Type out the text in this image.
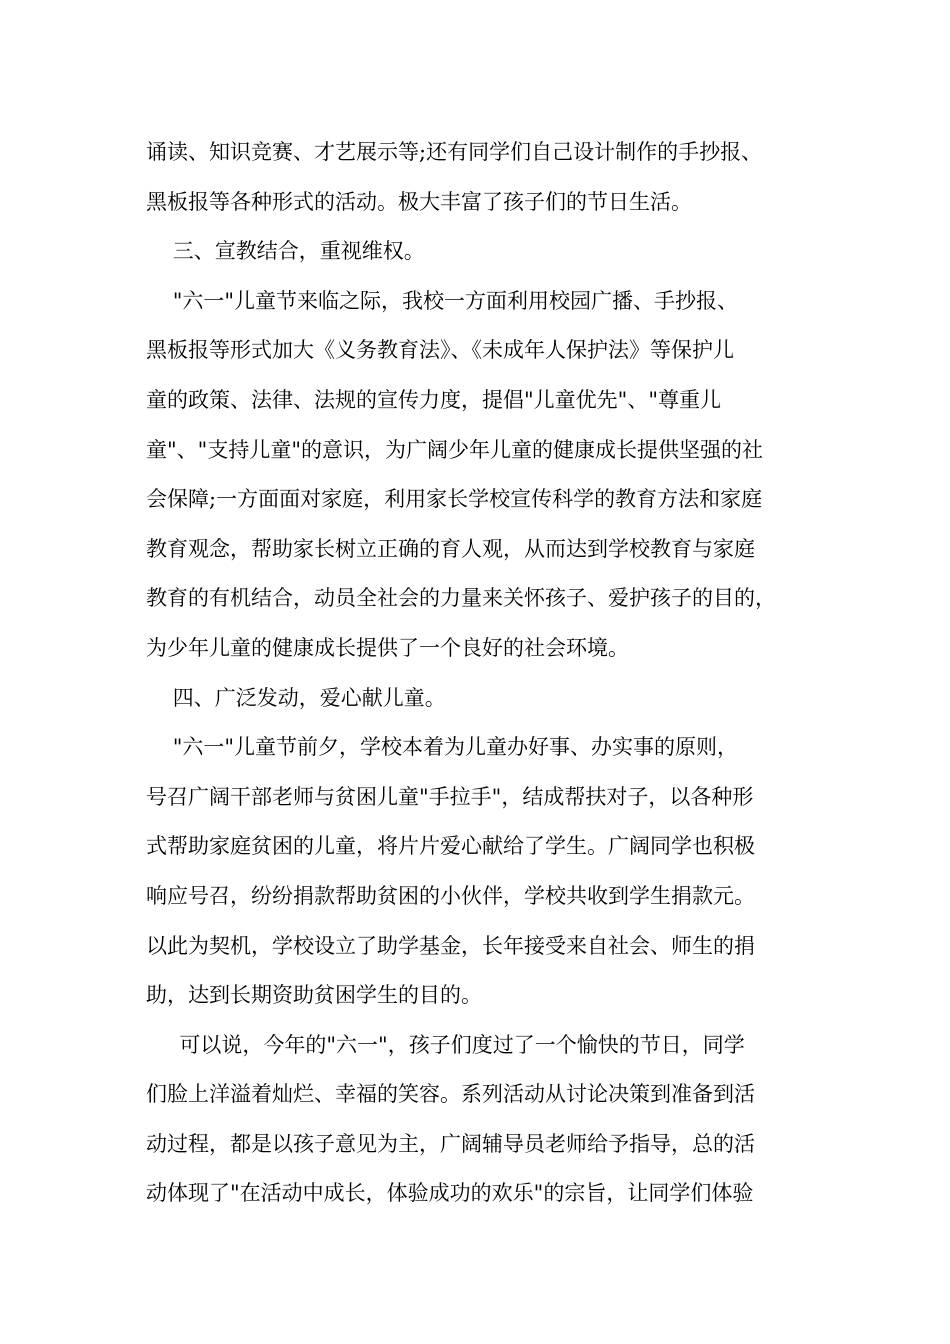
诵读、知识竞赛、才艺展示等;还有同学们自己设计制作的手抄报、
黑板报等各种形式的活动。极大丰富了孩子们的节日生活。
三、宣教结合，重视维权。
"六一"儿童节来临之际，我校一方面利用校园广播、手抄报、
黑板报等形式加大《义务教育法》、《未成年人保护法》等保护儿
童的政策、法律、法规的宣传力度，提倡"儿童优先"、"尊重儿
童"、"支持儿童"的意识，为广阔少年儿童的健康成长提供坚强的社
会保障;一方面面对家庭，利用家长学校宣传科学的教育方法和家庭
教育观念，帮助家长树立正确的育人观，从而达到学校教育与家庭
教育的有机结合，动员全社会的力量来关怀孩子、爱护孩子的目的，
为少年儿童的健康成长提供了一个良好的社会环境。
四、广泛发动，爱心献儿童。
"六一"儿童节前夕，学校本着为儿童办好事、办实事的原则，
号召广阔干部老师与贫困儿童"手拉手"，结成帮扶对子，以各种形
式帮助家庭贫困的儿童，将片片爱心献给了学生。广阔同学也积极
响应号召，纷纷捐款帮助贫困的小伙伴，学校共收到学生捐款元。
以此为契机，学校设立了助学基金，长年接受来自社会、师生的捐
助，达到长期资助贫困学生的目的。
可以说，今年的"六一"，孩子们度过了一个愉快的节日，同学
们脸上洋溢着灿烂、幸福的笑容。系列活动从讨论决策到准备到活
动过程，都是以孩子意见为主，广阔辅导员老师给予指导，总的活
动体现了"在活动中成长，体验成功的欢乐"的宗旨，让同学们体验
